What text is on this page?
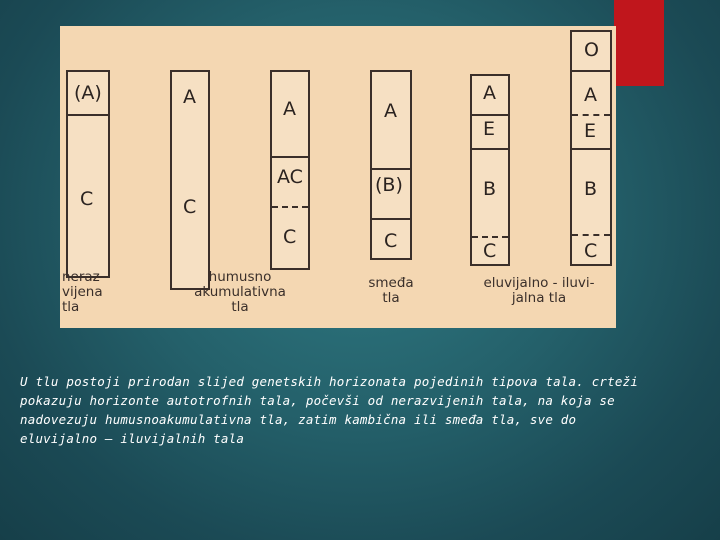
(A)
C
A
C
A
AC
C
A
(B)
C
A
E
B
C
O
A
E
B
C
neraz-
vijena
tla
humusno
akumulativna
tla
smeđa
tla
eluvijalno - iluvi-
jalna tla
U tlu postoji prirodan slijed genetskih horizonata pojedinih tipova tala. crteži
pokazuju horizonte autotrofnih tala, počevši od nerazvijenih tala, na koja se
nadovezuju humusnoakumulativna tla, zatim kambična ili smeđa tla, sve do
eluvijalno – iluvijalnih tala
